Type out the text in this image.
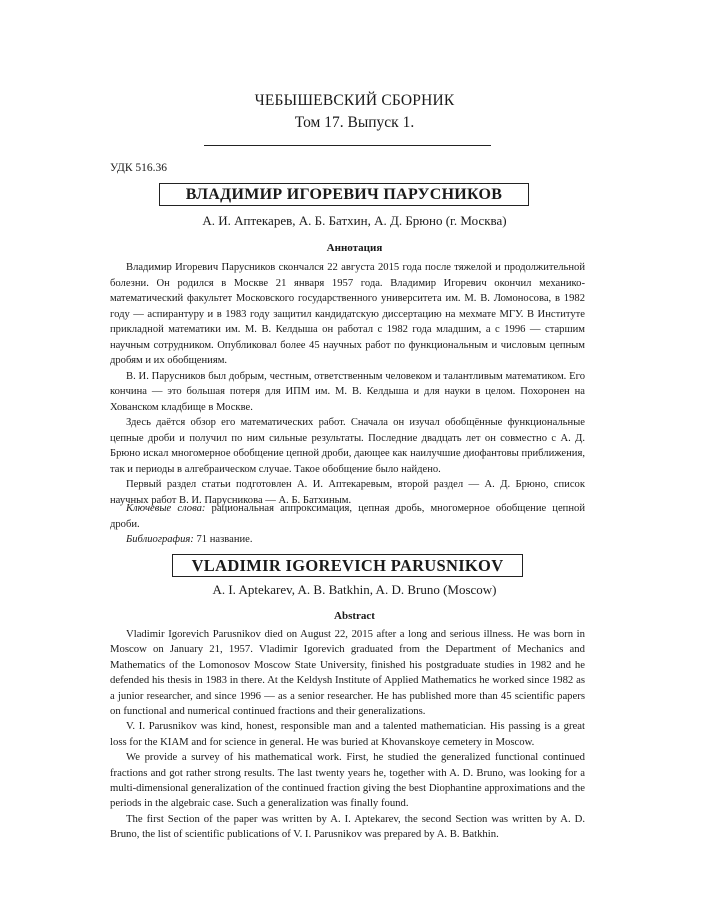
ЧЕБЫШЕВСКИЙ СБОРНИК
Том 17. Выпуск 1.
УДК 516.36
ВЛАДИМИР ИГОРЕВИЧ ПАРУСНИКОВ
А. И. Аптекарев, А. Б. Батхин, А. Д. Брюно (г. Москва)
Аннотация

Владимир Игоревич Парусников скончался 22 августа 2015 года после тяжелой и продолжительной болезни. Он родился в Москве 21 января 1957 года. Владимир Игоревич окончил механико-математический факультет Московского государственного университета им. М. В. Ломоносова, в 1982 году — аспирантуру и в 1983 году защитил кандидатскую диссертацию на мехмате МГУ. В Институте прикладной математики им. М. В. Келдыша он работал с 1982 года младшим, а с 1996 — старшим научным сотрудником. Опубликовал более 45 научных работ по функциональным и числовым цепным дробям и их обобщениям.

В. И. Парусников был добрым, честным, ответственным человеком и талантливым математиком. Его кончина — это большая потеря для ИПМ им. М. В. Келдыша и для науки в целом. Похоронен на Хованском кладбище в Москве.

Здесь даётся обзор его математических работ. Сначала он изучал обобщённые функциональные цепные дроби и получил по ним сильные результаты. Последние двадцать лет он совместно с А. Д. Брюно искал многомерное обобщение цепной дроби, дающее как наилучшие диофантовы приближения, так и периоды в алгебраическом случае. Такое обобщение было найдено.

Первый раздел статьи подготовлен А. И. Аптекаревым, второй раздел — А. Д. Брюно, список научных работ В. И. Парусникова — А. Б. Батхиным.

Ключевые слова: рациональная аппроксимация, цепная дробь, многомерное обобщение цепной дроби.

Библиография: 71 название.

VLADIMIR IGOREVICH PARUSNIKOV
A. I. Aptekarev, A. B. Batkhin, A. D. Bruno (Moscow)
Abstract

Vladimir Igorevich Parusnikov died on August 22, 2015 after a long and serious illness. He was born in Moscow on January 21, 1957. Vladimir Igorevich graduated from the Department of Mechanics and Mathematics of the Lomonosov Moscow State University, finished his postgraduate studies in 1982 and he defended his thesis in 1983 in there. At the Keldysh Institute of Applied Mathematics he worked since 1982 as a junior researcher, and since 1996 — as a senior researcher. He has published more than 45 scientific papers on functional and numerical continued fractions and their generalizations.

V. I. Parusnikov was kind, honest, responsible man and a talented mathematician. His passing is a great loss for the KIAM and for science in general. He was buried at Khovanskoye cemetery in Moscow.

We provide a survey of his mathematical work. First, he studied the generalized functional continued fractions and got rather strong results. The last twenty years he, together with A. D. Bruno, was looking for a multi-dimensional generalization of the continued fraction giving the best Diophantine approximations and the periods in the algebraic case. Such a generalization was finally found.

The first Section of the paper was written by A. I. Aptekarev, the second Section was written by A. D. Bruno, the list of scientific publications of V. I. Parusnikov was prepared by A. B. Batkhin.
